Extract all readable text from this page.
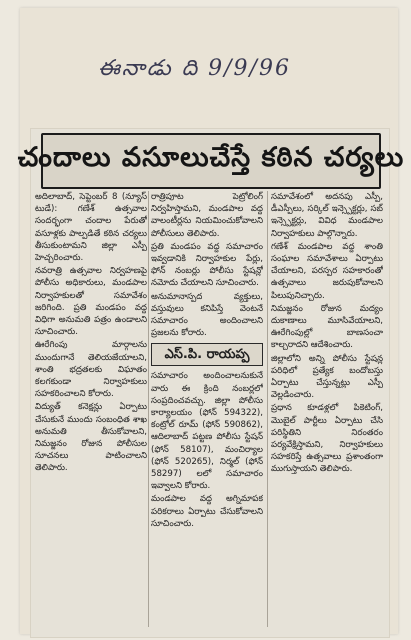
ఈనాడు ది 9/9/96
చందాలు వసూలుచేస్తే కఠిన చర్యలు

అదిలాబాద్, సెప్టెంబర్ 8 (న్యూస్ టుడే): గణేశ్ ఉత్సవాల సందర్భంగా చందాల పేరుతో వసూళ్లకు పాల్పడితే కఠిన చర్యలు తీసుకుంటామని జిల్లా ఎస్పీ హెచ్చరించారు.

నవరాత్రి ఉత్సవాల నిర్వహణపై పోలీసు అధికారులు, మండపాల నిర్వాహకులతో సమావేశం జరిగింది. ప్రతి మండపం వద్ద విధిగా అనుమతి పత్రం ఉండాలని సూచించారు.

ఊరేగింపు మార్గాలను ముందుగానే తెలియజేయాలని, శాంతి భద్రతలకు విఘాతం కలగకుండా నిర్వాహకులు సహకరించాలని కోరారు.

విద్యుత్ కనెక్షన్లు ఏర్పాటు చేసుకునే ముందు సంబంధిత శాఖ అనుమతి తీసుకోవాలని, నిమజ్జనం రోజున పోలీసుల సూచనలు పాటించాలని తెలిపారు.

రాత్రిపూట పెట్రోలింగ్ నిర్వహిస్తామని, మండపాల వద్ద వాలంటీర్లను నియమించుకోవాలని పోలీసులు తెలిపారు.

ప్రతి మండపం వద్ద సమాచారం ఇవ్వడానికి నిర్వాహకుల పేర్లు, ఫోన్ నంబర్లు పోలీసు స్టేషన్లో నమోదు చేయాలని సూచించారు.

అనుమానాస్పద వ్యక్తులు, వస్తువులు కనిపిస్తే వెంటనే సమాచారం అందించాలని ప్రజలను కోరారు.

ఎస్.పి. రాయప్ప

సమాచారం అందించాలనుకునే వారు ఈ క్రింది నంబర్లలో సంప్రదించవచ్చు. జిల్లా పోలీసు కార్యాలయం (ఫోన్ 594322), కంట్రోల్ రూమ్ (ఫోన్ 590862), ఆదిలాబాద్ పట్టణ పోలీసు స్టేషన్ (ఫోన్ 58107), మంచిర్యాల (ఫోన్ 520265), నిర్మల్ (ఫోన్ 58297) లలో సమాచారం ఇవ్వాలని కోరారు.

మండపాల వద్ద అగ్నిమాపక పరికరాలు ఏర్పాటు చేసుకోవాలని సూచించారు.

సమావేశంలో అదనపు ఎస్పీ, డీఎస్పీలు, సర్కిల్ ఇన్స్పెక్టర్లు, సబ్ ఇన్స్పెక్టర్లు, వివిధ మండపాల నిర్వాహకులు పాల్గొన్నారు.

గణేశ్ మండపాల వద్ద శాంతి సంఘాల సమావేశాలు ఏర్పాటు చేయాలని, పరస్పర సహకారంతో ఉత్సవాలు జరుపుకోవాలని పిలుపునిచ్చారు.

నిమజ్జనం రోజున మద్యం దుకాణాలు మూసివేయాలని, ఊరేగింపుల్లో బాణసంచా కాల్చరాదని ఆదేశించారు.

జిల్లాలోని అన్ని పోలీసు స్టేషన్ల పరిధిలో ప్రత్యేక బందోబస్తు ఏర్పాటు చేస్తున్నట్లు ఎస్పీ వెల్లడించారు.

ప్రధాన కూడళ్లలో పికెటింగ్, మొబైల్ పార్టీలు ఏర్పాటు చేసి పరిస్థితిని నిరంతరం పర్యవేక్షిస్తామని, నిర్వాహకులు సహకరిస్తే ఉత్సవాలు ప్రశాంతంగా ముగుస్తాయని తెలిపారు.
